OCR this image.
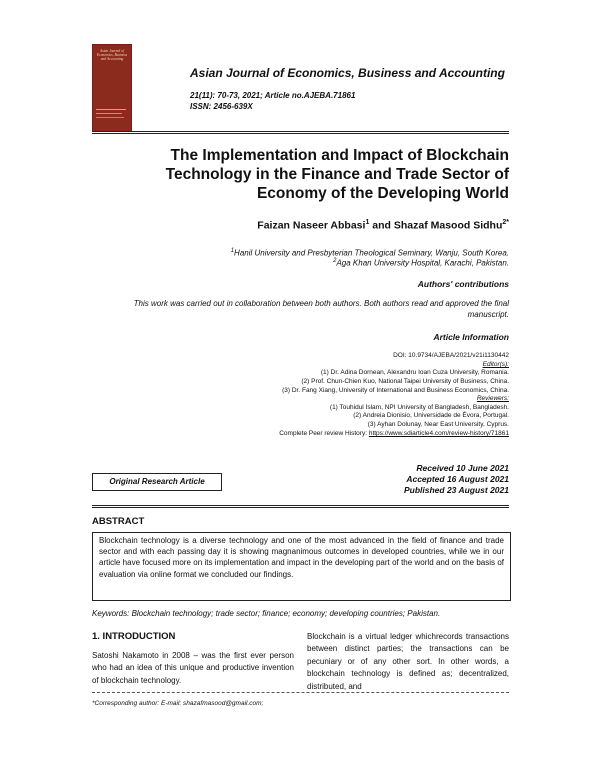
Asian Journal of
Economics, Business
and Accounting
Asian Journal of Economics, Business and Accounting
21(11): 70-73, 2021; Article no.AJEBA.71861
ISSN: 2456-639X
The Implementation and Impact of Blockchain
Technology in the Finance and Trade Sector of
Economy of the Developing World
Faizan Naseer Abbasi$^1$ and Shazaf Masood Sidhu$^{2*}$
$^1$Hanil University and Presbyterian Theological Seminary, Wanju, South Korea.
$^2$Aga Khan University Hospital, Karachi, Pakistan.
Authors' contributions
This work was carried out in collaboration between both authors. Both authors read and approved the final manuscript.
Article Information
DOI: 10.9734/AJEBA/2021/v21i1130442
Editor(s):
(1) Dr. Adina Dornean, Alexandru Ioan Cuza University, Romania.
(2) Prof. Chun-Chien Kuo, National Taipei University of Business, China.
(3) Dr. Fang Xiang, University of International and Business Economics, China.
Reviewers:
(1) Touhidul Islam, NPI University of Bangladesh, Bangladesh.
(2) Andreia Dionisio, Universidade de Évora, Portugal.
(3) Ayhan Dolunay, Near East University, Cyprus.
Complete Peer review History: https://www.sdiarticle4.com/review-history/71861
Original Research Article
Received 10 June 2021
Accepted 16 August 2021
Published 23 August 2021
ABSTRACT
Blockchain technology is a diverse technology and one of the most advanced in the field of finance and trade sector and with each passing day it is showing magnanimous outcomes in developed countries, while we in our article have focused more on its implementation and impact in the developing part of the world and on the basis of evaluation via online format we concluded our findings.
Keywords: Blockchain technology; trade sector; finance; economy; developing countries; Pakistan.
1. INTRODUCTION
Satoshi Nakamoto in 2008 – was the first ever person who had an idea of this unique and productive invention of blockchain technology.
Blockchain is a virtual ledger whichrecords transactions between distinct parties; the transactions can be pecuniary or of any other sort. In other words, a blockchain technology is defined as; decentralized, distributed, and
*Corresponding author: E-mail: shazafmasood@gmail.com;
